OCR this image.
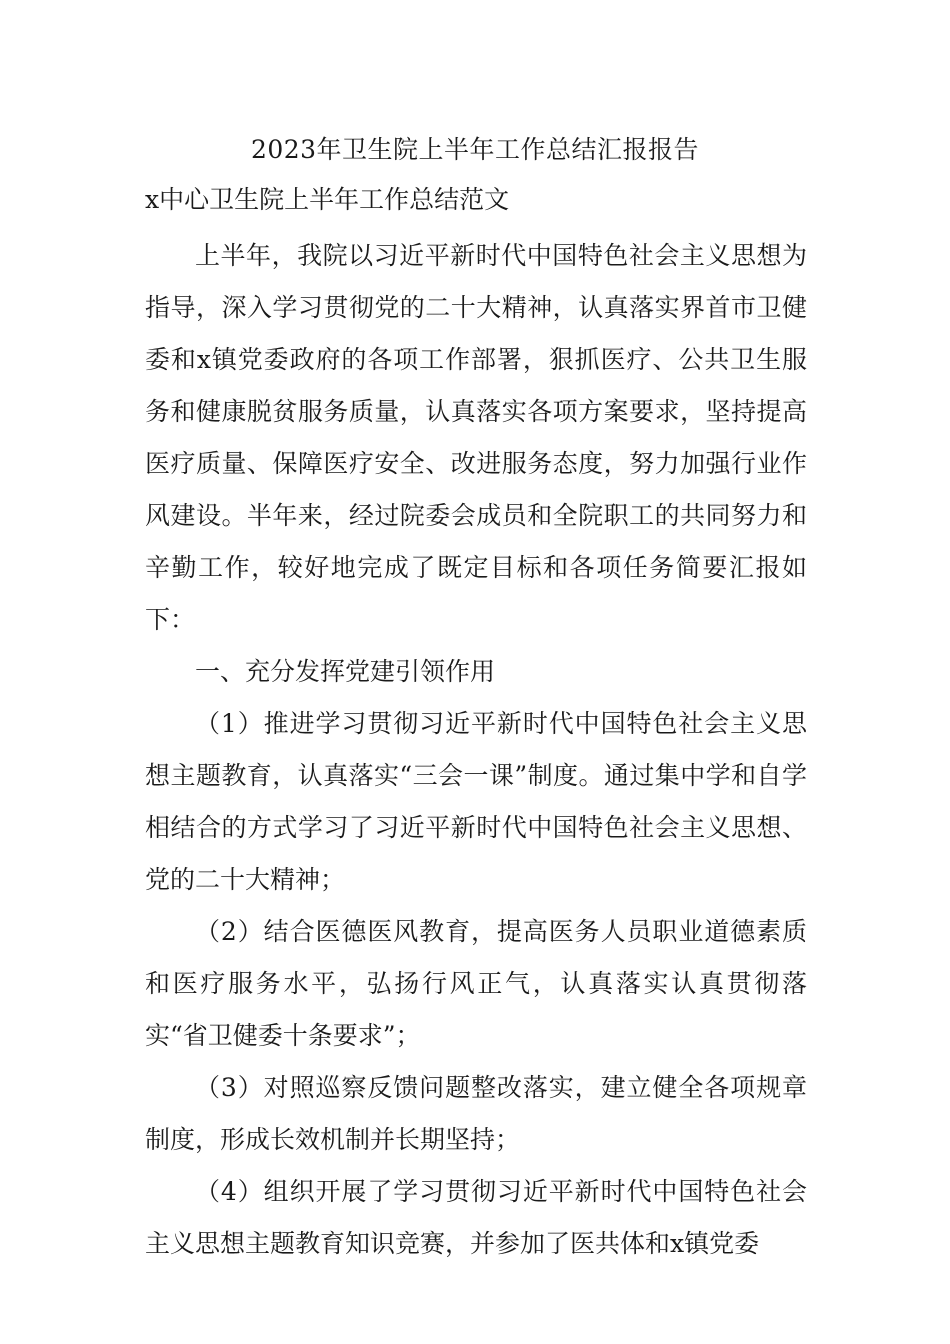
2023年卫生院上半年工作总结汇报报告
x中心卫生院上半年工作总结范文

上半年，我院以习近平新时代中国特色社会主义思想为指导，深入学习贯彻党的二十大精神，认真落实界首市卫健委和x镇党委政府的各项工作部署，狠抓医疗、公共卫生服务和健康脱贫服务质量，认真落实各项方案要求，坚持提高医疗质量、保障医疗安全、改进服务态度，努力加强行业作风建设。半年来，经过院委会成员和全院职工的共同努力和辛勤工作，较好地完成了既定目标和各项任务简要汇报如下：

一、充分发挥党建引领作用

（1）推进学习贯彻习近平新时代中国特色社会主义思想主题教育，认真落实“三会一课”制度。通过集中学和自学相结合的方式学习了习近平新时代中国特色社会主义思想、党的二十大精神；

（2）结合医德医风教育，提高医务人员职业道德素质和医疗服务水平，弘扬行风正气，认真落实认真贯彻落实“省卫健委十条要求”；

（3）对照巡察反馈问题整改落实，建立健全各项规章制度，形成长效机制并长期坚持；

（4）组织开展了学习贯彻习近平新时代中国特色社会主义思想主题教育知识竞赛，并参加了医共体和x镇党委
